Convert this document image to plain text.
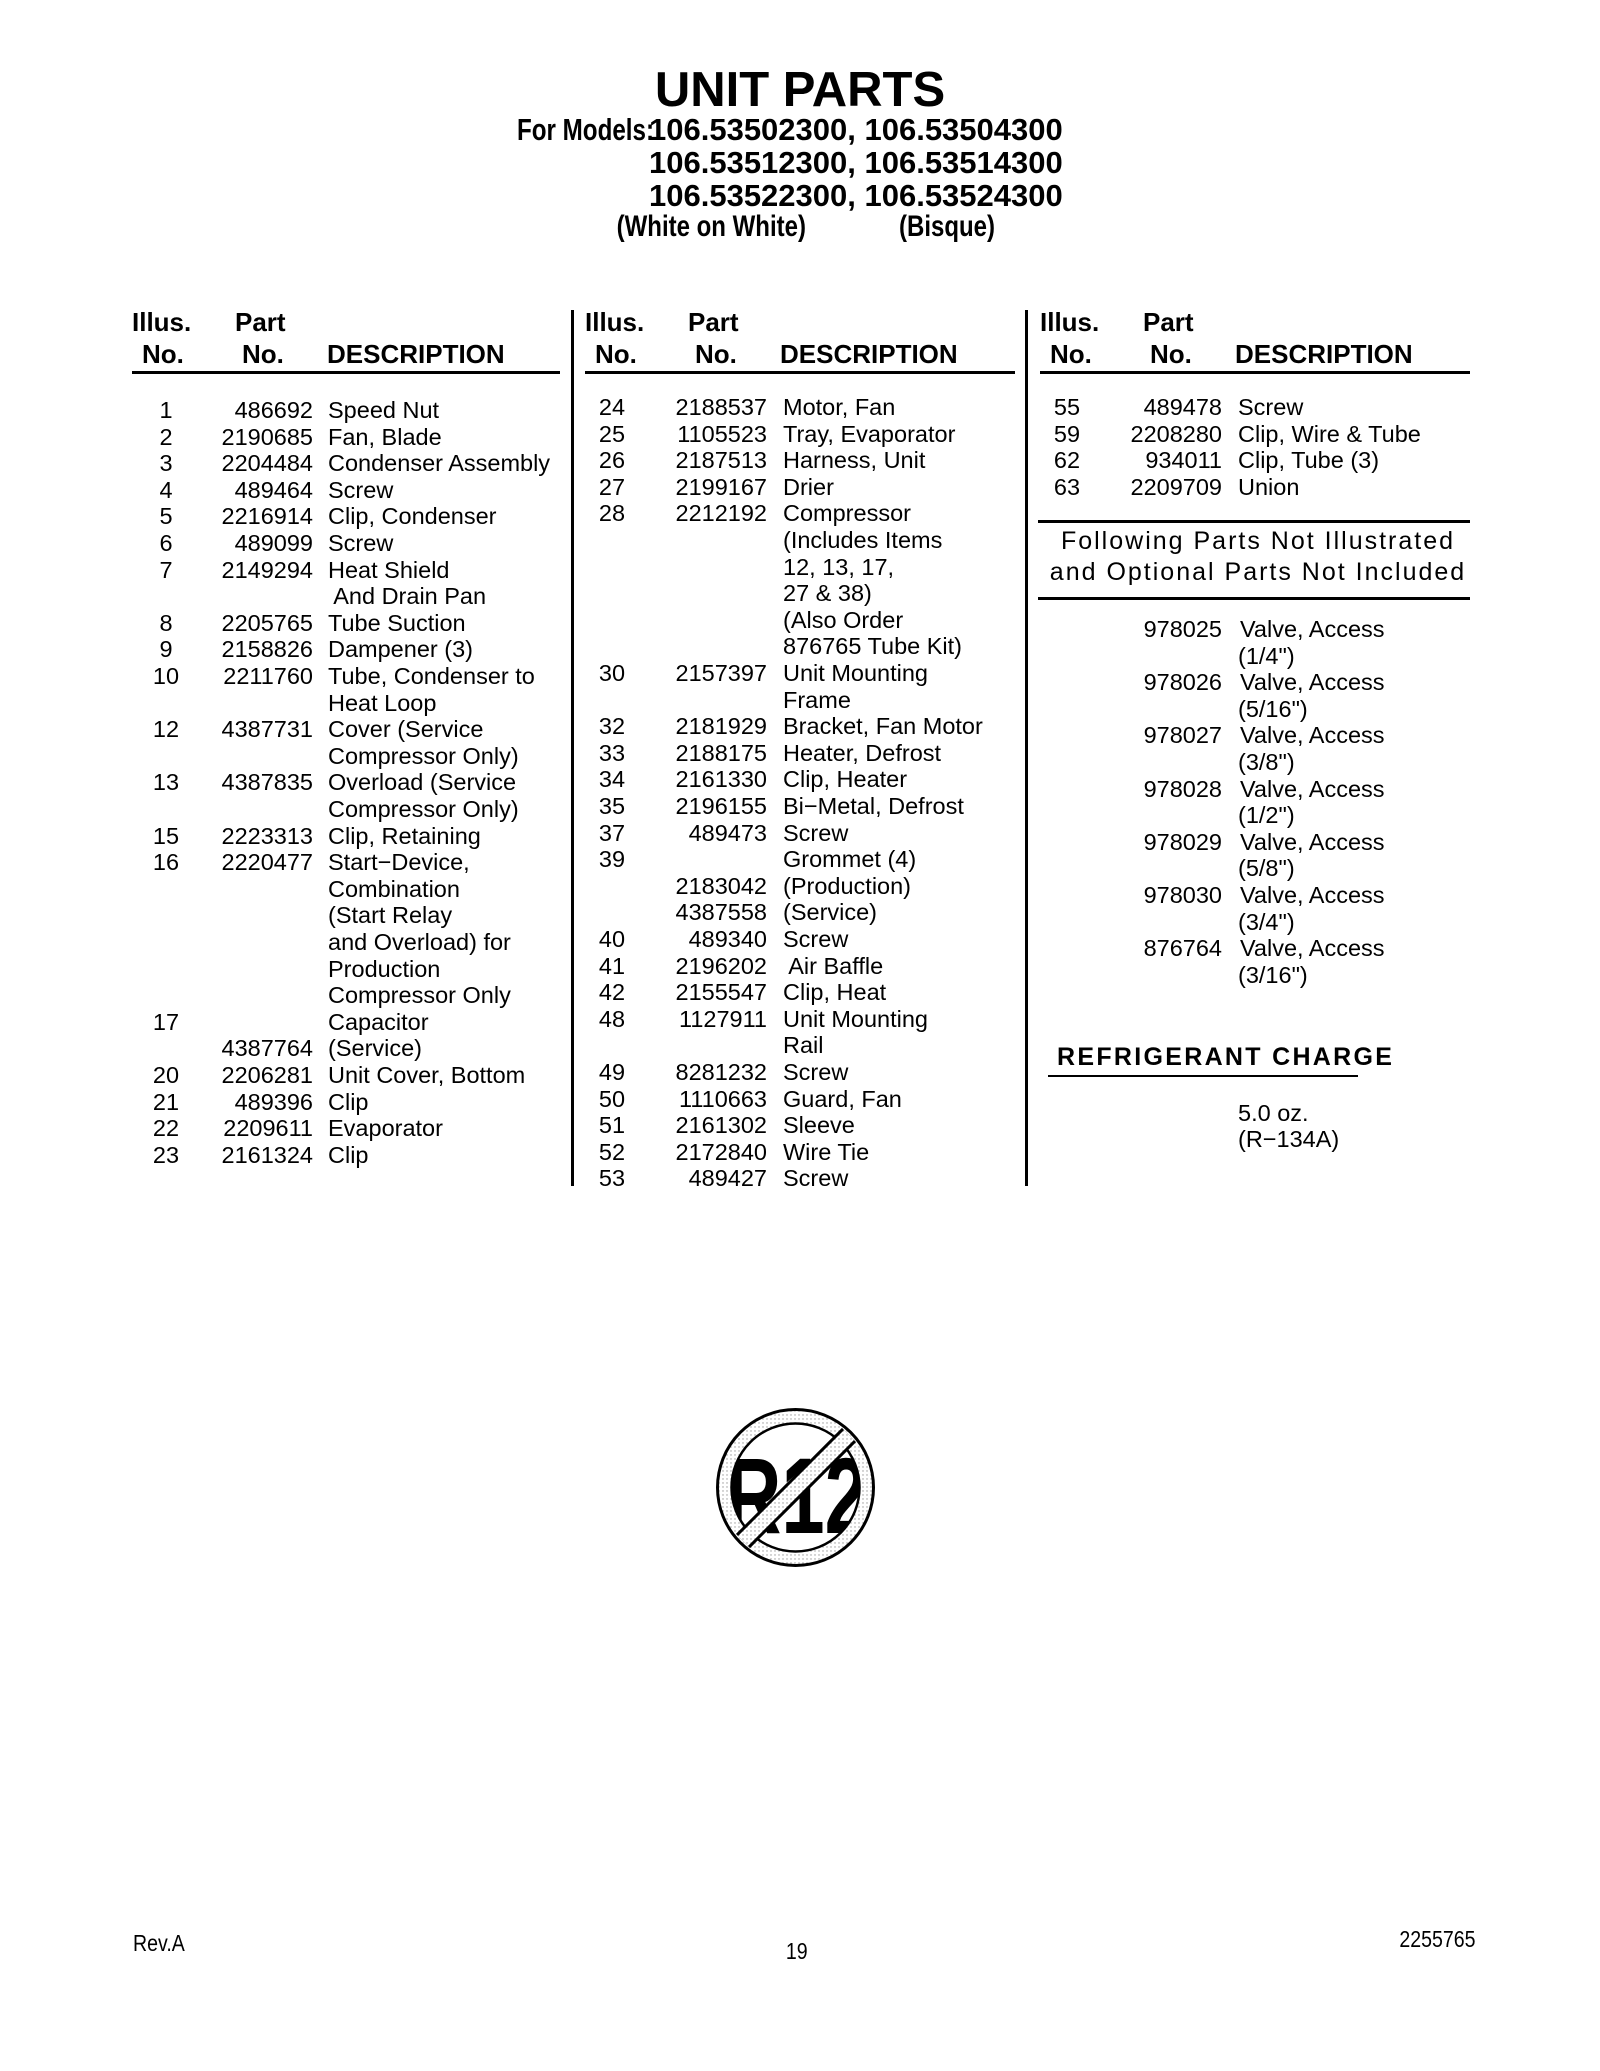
UNIT PARTS
For Models:106.53502300, 106.53504300
106.53512300, 106.53514300
106.53522300, 106.53524300
(White on White)	(Bisque)
Illus.
No.
Part
No. DESCRIPTION
Illus.
No.
Part
No. DESCRIPTION
Illus.
No.
Part
No. DESCRIPTION
1	486692 Speed Nut
2	2190685 Fan, Blade
3	2204484 Condenser Assembly
4	489464 Screw
5	2216914 Clip, Condenser
6	489099 Screw
7	2149294 Heat Shield
And Drain Pan
8	2205765 Tube Suction
9	2158826 Dampener (3)
10	2211760 Tube, Condenser to
Heat Loop
12	4387731 Cover (Service
Compressor Only)
13	4387835 Overload (Service
Compressor Only)
15	2223313 Clip, Retaining
16	2220477 Start−Device,
Combination
(Start Relay
and Overload) for
Production
Compressor Only
17	Capacitor
4387764 (Service)
20	2206281 Unit Cover, Bottom
21	489396 Clip
22	2209611 Evaporator
23	2161324 Clip
24	2188537 Motor, Fan
25	1105523 Tray, Evaporator
26	2187513 Harness, Unit
27	2199167 Drier
28	2212192 Compressor
(Includes Items
12, 13, 17,
27 & 38)
(Also Order
876765 Tube Kit)
30	2157397 Unit Mounting
Frame
32	2181929 Bracket, Fan Motor
33	2188175 Heater, Defrost
34	2161330 Clip, Heater
35	2196155 Bi−Metal, Defrost
37	489473 Screw
39	Grommet (4)
2183042 (Production)
4387558 (Service)
40	489340 Screw
41	2196202 Air Baffle
42	2155547 Clip, Heat
48	1127911 Unit Mounting
Rail
49	8281232 Screw
50	1110663 Guard, Fan
51	2161302 Sleeve
52	2172840 Wire Tie
53	489427 Screw
55	489478 Screw
59	2208280 Clip, Wire & Tube
62	934011 Clip, Tube (3)
63	2209709 Union
Following Parts Not Illustrated
and Optional Parts Not Included
978025 Valve, Access
(1/4")
978026 Valve, Access
(5/16")
978027 Valve, Access
(3/8")
978028 Valve, Access
(1/2")
978029 Valve, Access
(5/8")
978030 Valve, Access
(3/4")
876764 Valve, Access
(3/16")
REFRIGERANT CHARGE
5.0 oz.
(R−134A)
Rev.A	19	2255765
